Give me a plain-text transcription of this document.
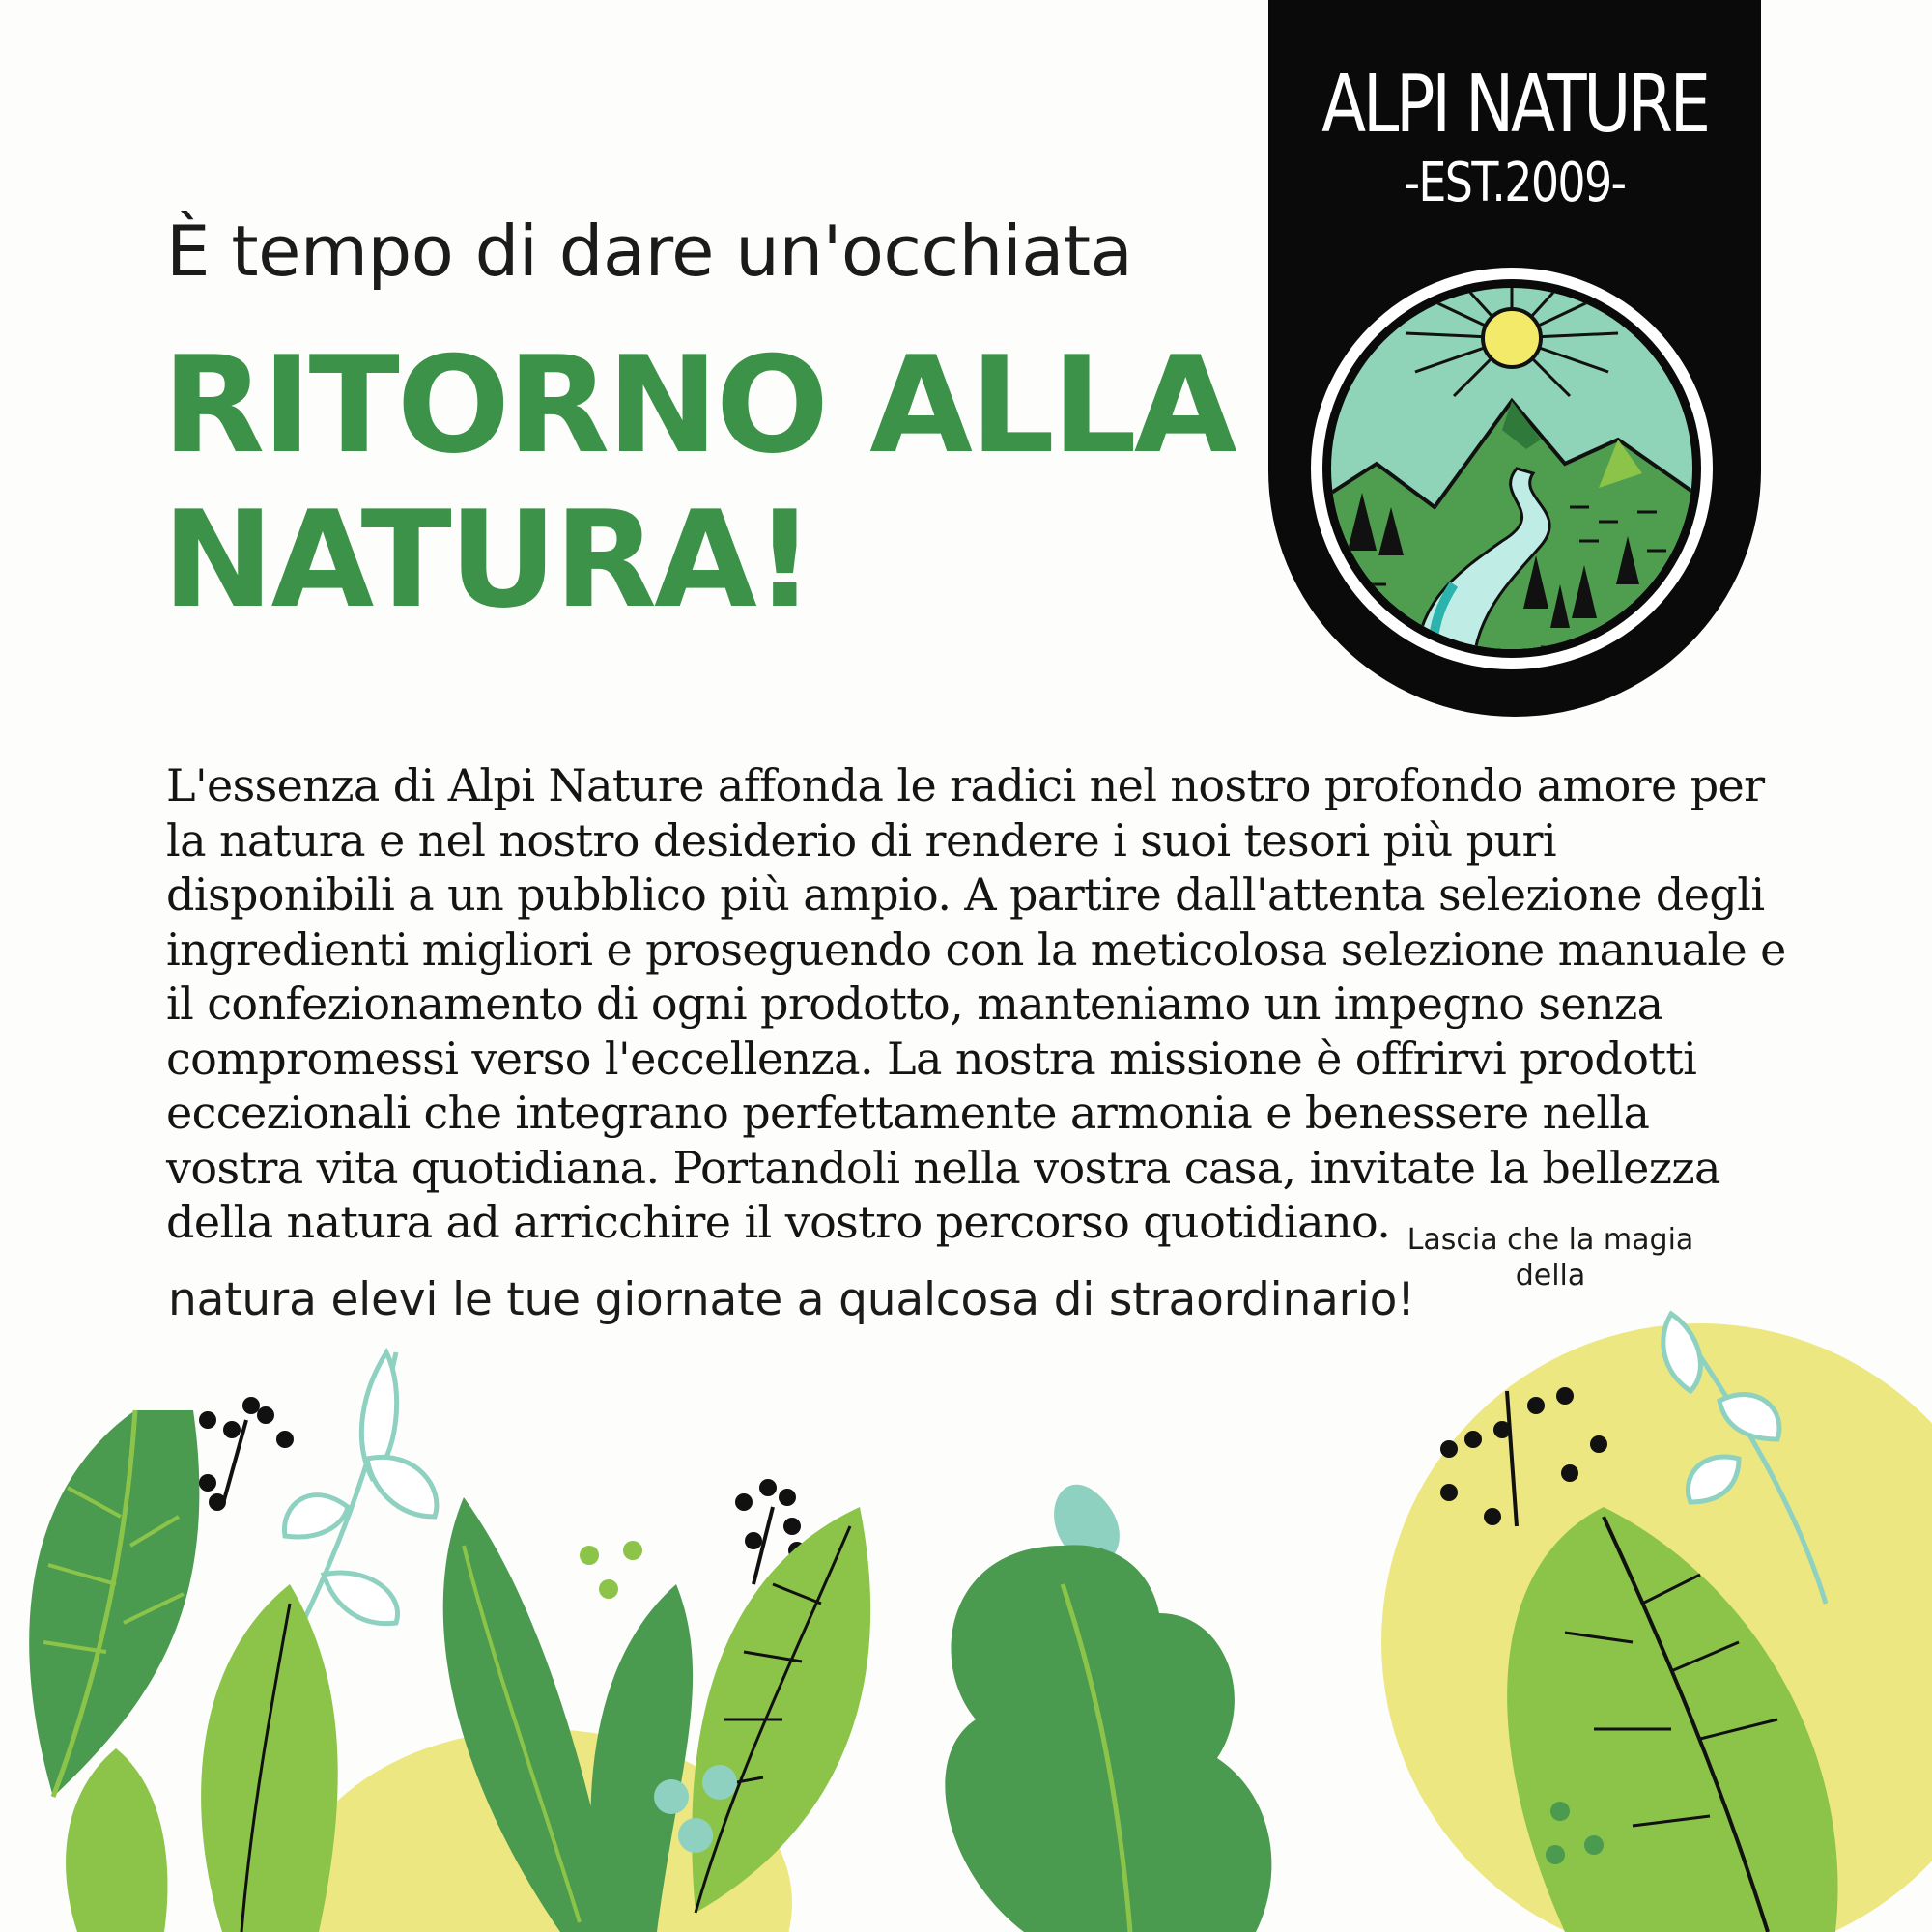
ALPI NATURE
-EST.2009-
È tempo di dare un'occhiata
RITORNO ALLA
NATURA!

L'essenza di Alpi Nature affonda le radici nel nostro profondo amore per
la natura e nel nostro desiderio di rendere i suoi tesori più puri
disponibili a un pubblico più ampio. A partire dall'attenta selezione degli
ingredienti migliori e proseguendo con la meticolosa selezione manuale e
il confezionamento di ogni prodotto, manteniamo un impegno senza
compromessi verso l'eccellenza. La nostra missione è offrirvi prodotti
eccezionali che integrano perfettamente armonia e benessere nella
vostra vita quotidiana. Portandoli nella vostra casa, invitate la bellezza
della natura ad arricchire il vostro percorso quotidiano. Lascia che la magia
della

natura elevi le tue giornate a qualcosa di straordinario!
